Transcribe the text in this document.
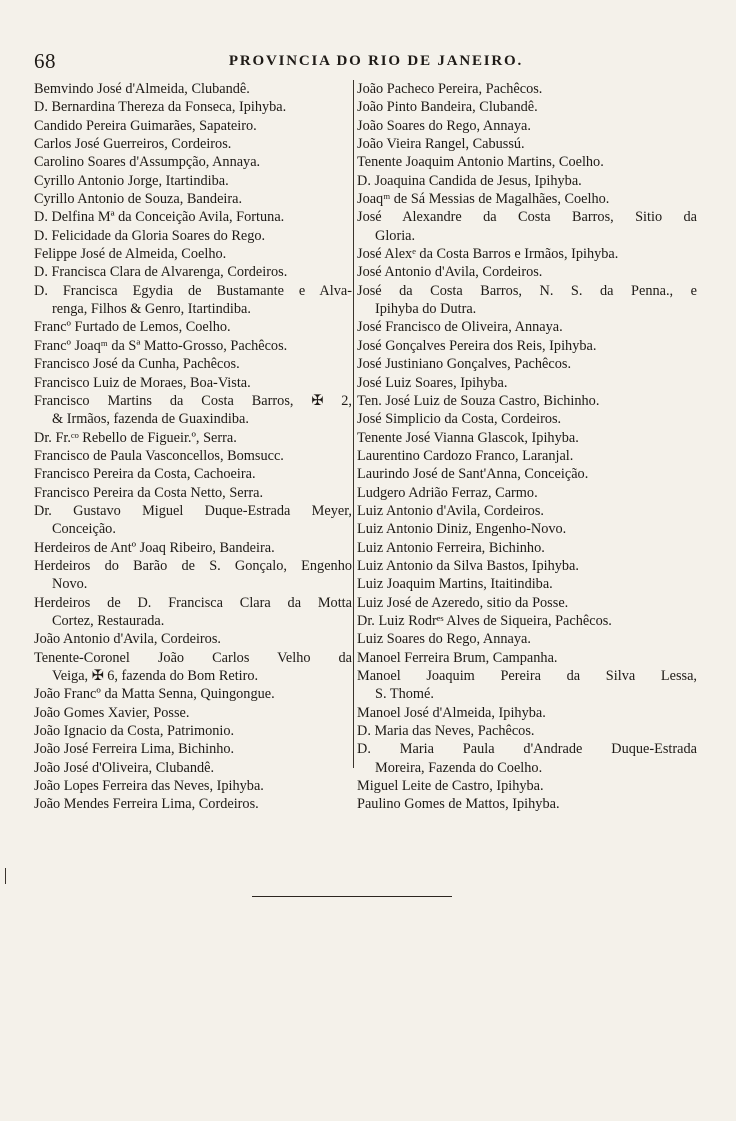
68	PROVINCIA DO RIO DE JANEIRO.
Bemvindo José d'Almeida, Clubandê.
D. Bernardina Thereza da Fonseca, Ipihyba.
Candido Pereira Guimarães, Sapateiro.
Carlos José Guerreiros, Cordeiros.
Carolino Soares d'Assumpção, Annaya.
Cyrillo Antonio Jorge, Itartindiba.
Cyrillo Antonio de Souza, Bandeira.
D. Delfina Mª da Conceição Avila, Fortuna.
D. Felicidade da Gloria Soares do Rego.
Felippe José de Almeida, Coelho.
D. Francisca Clara de Alvarenga, Cordeiros.
D. Francisca Egydia de Bustamante e Alva-
renga, Filhos & Genro, Itartindiba.
Francº Furtado de Lemos, Coelho.
Francº Joaqᵐ da Sª Matto-Grosso, Pachêcos.
Francisco José da Cunha, Pachêcos.
Francisco Luiz de Moraes, Boa-Vista.
Francisco Martins da Costa Barros, ✠ 2,
& Irmãos, fazenda de Guaxindiba.
Dr. Fr.ᶜᵒ Rebello de Figueir.º, Serra.
Francisco de Paula Vasconcellos, Bomsucc.
Francisco Pereira da Costa, Cachoeira.
Francisco Pereira da Costa Netto, Serra.
Dr. Gustavo Miguel Duque-Estrada Meyer,
Conceição.
Herdeiros de Antº Joaq Ribeiro, Bandeira.
Herdeiros do Barão de S. Gonçalo, Engenho
Novo.
Herdeiros de D. Francisca Clara da Motta
Cortez, Restaurada.
João Antonio d'Avila, Cordeiros.
Tenente-Coronel João Carlos Velho da
Veiga, ✠ 6, fazenda do Bom Retiro.
João Francº da Matta Senna, Quingongue.
João Gomes Xavier, Posse.
João Ignacio da Costa, Patrimonio.
João José Ferreira Lima, Bichinho.
João José d'Oliveira, Clubandê.
João Lopes Ferreira das Neves, Ipihyba.
João Mendes Ferreira Lima, Cordeiros.
João Pacheco Pereira, Pachêcos.
João Pinto Bandeira, Clubandê.
João Soares do Rego, Annaya.
João Vieira Rangel, Cabussú.
Tenente Joaquim Antonio Martins, Coelho.
D. Joaquina Candida de Jesus, Ipihyba.
Joaqᵐ de Sá Messias de Magalhães, Coelho.
José Alexandre da Costa Barros, Sitio da
Gloria.
José Alexᵉ da Costa Barros e Irmãos, Ipihyba.
José Antonio d'Avila, Cordeiros.
José da Costa Barros, N. S. da Penna., e
Ipihyba do Dutra.
José Francisco de Oliveira, Annaya.
José Gonçalves Pereira dos Reis, Ipihyba.
José Justiniano Gonçalves, Pachêcos.
José Luiz Soares, Ipihyba.
Ten. José Luiz de Souza Castro, Bichinho.
José Simplicio da Costa, Cordeiros.
Tenente José Vianna Glascok, Ipihyba.
Laurentino Cardozo Franco, Laranjal.
Laurindo José de Sant'Anna, Conceição.
Ludgero Adrião Ferraz, Carmo.
Luiz Antonio d'Avila, Cordeiros.
Luiz Antonio Diniz, Engenho-Novo.
Luiz Antonio Ferreira, Bichinho.
Luiz Antonio da Silva Bastos, Ipihyba.
Luiz Joaquim Martins, Itaitindiba.
Luiz José de Azeredo, sitio da Posse.
Dr. Luiz Rodrᵉˢ Alves de Siqueira, Pachêcos.
Luiz Soares do Rego, Annaya.
Manoel Ferreira Brum, Campanha.
Manoel Joaquim Pereira da Silva Lessa,
S. Thomé.
Manoel José d'Almeida, Ipihyba.
D. Maria das Neves, Pachêcos.
D. Maria Paula d'Andrade Duque-Estrada
Moreira, Fazenda do Coelho.
Miguel Leite de Castro, Ipihyba.
Paulino Gomes de Mattos, Ipihyba.
